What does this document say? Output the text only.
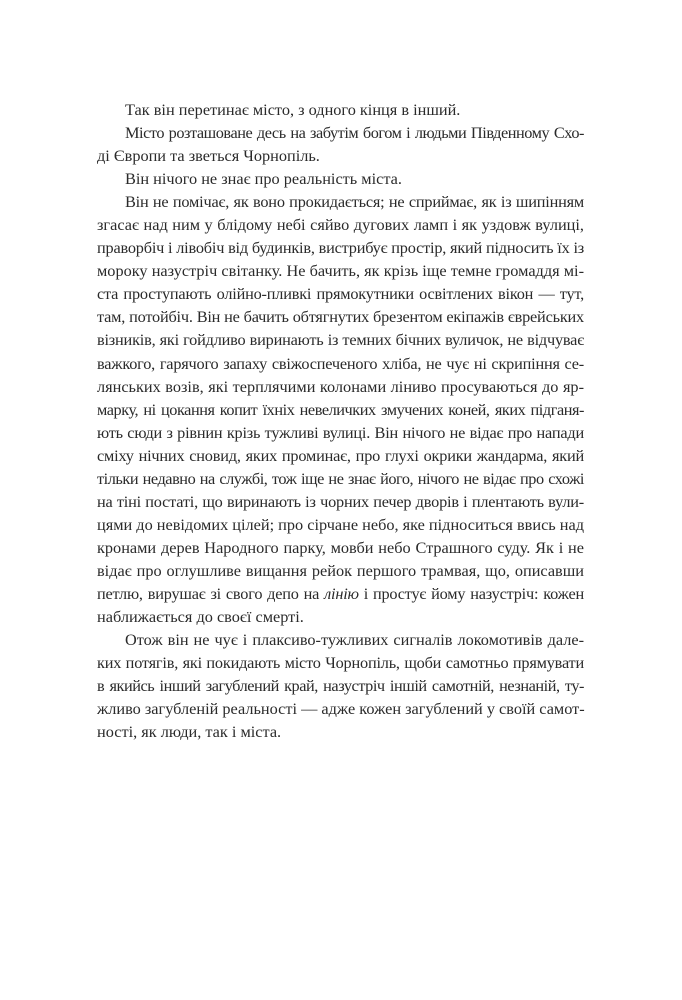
Так він перетинає місто, з одного кінця в інший.
Місто розташоване десь на забутім богом і людьми Південному Схо-
ді Європи та зветься Чорнопіль.
Він нічого не знає про реальність міста.
Він не помічає, як воно прокидається; не сприймає, як із шипінням
згасає над ним у блідому небі сяйво дугових ламп і як уздовж вулиці,
праворбіч і лівобіч від будинків, вистрибує простір, який підносить їх із
мороку назустріч світанку. Не бачить, як крізь іще темне громаддя мі-
ста проступають олійно-пливкі прямокутники освітлених вікон — тут,
там, потойбіч. Він не бачить обтягнутих брезентом екіпажів єврейських
візників, які гойдливо виринають із темних бічних вуличок, не відчуває
важкого, гарячого запаху свіжоспеченого хліба, не чує ні скрипіння се-
лянських возів, які терплячими колонами ліниво просуваються до яр-
марку, ні цокання копит їхніх невеличких змучених коней, яких підганя-
ють сюди з рівнин крізь тужливі вулиці. Він нічого не відає про напади
сміху нічних сновид, яких проминає, про глухі окрики жандарма, який
тільки недавно на службі, тож іще не знає його, нічого не відає про схожі
на тіні постаті, що виринають із чорних печер дворів і плентають вули-
цями до невідомих цілей; про сірчане небо, яке підноситься ввись над
кронами дерев Народного парку, мовби небо Страшного суду. Як і не
відає про оглушливе вищання рейок першого трамвая, що, описавши
петлю, вирушає зі свого депо на лінію і простує йому назустріч: кожен
наближається до своєї смерті.
Отож він не чує і плаксиво-тужливих сигналів локомотивів дале-
ких потягів, які покидають місто Чорнопіль, щоби самотньо прямувати
в якийсь інший загублений край, назустріч іншій самотній, незнаній, ту-
жливо загубленій реальності — адже кожен загублений у своїй самот-
ності, як люди, так і міста.
